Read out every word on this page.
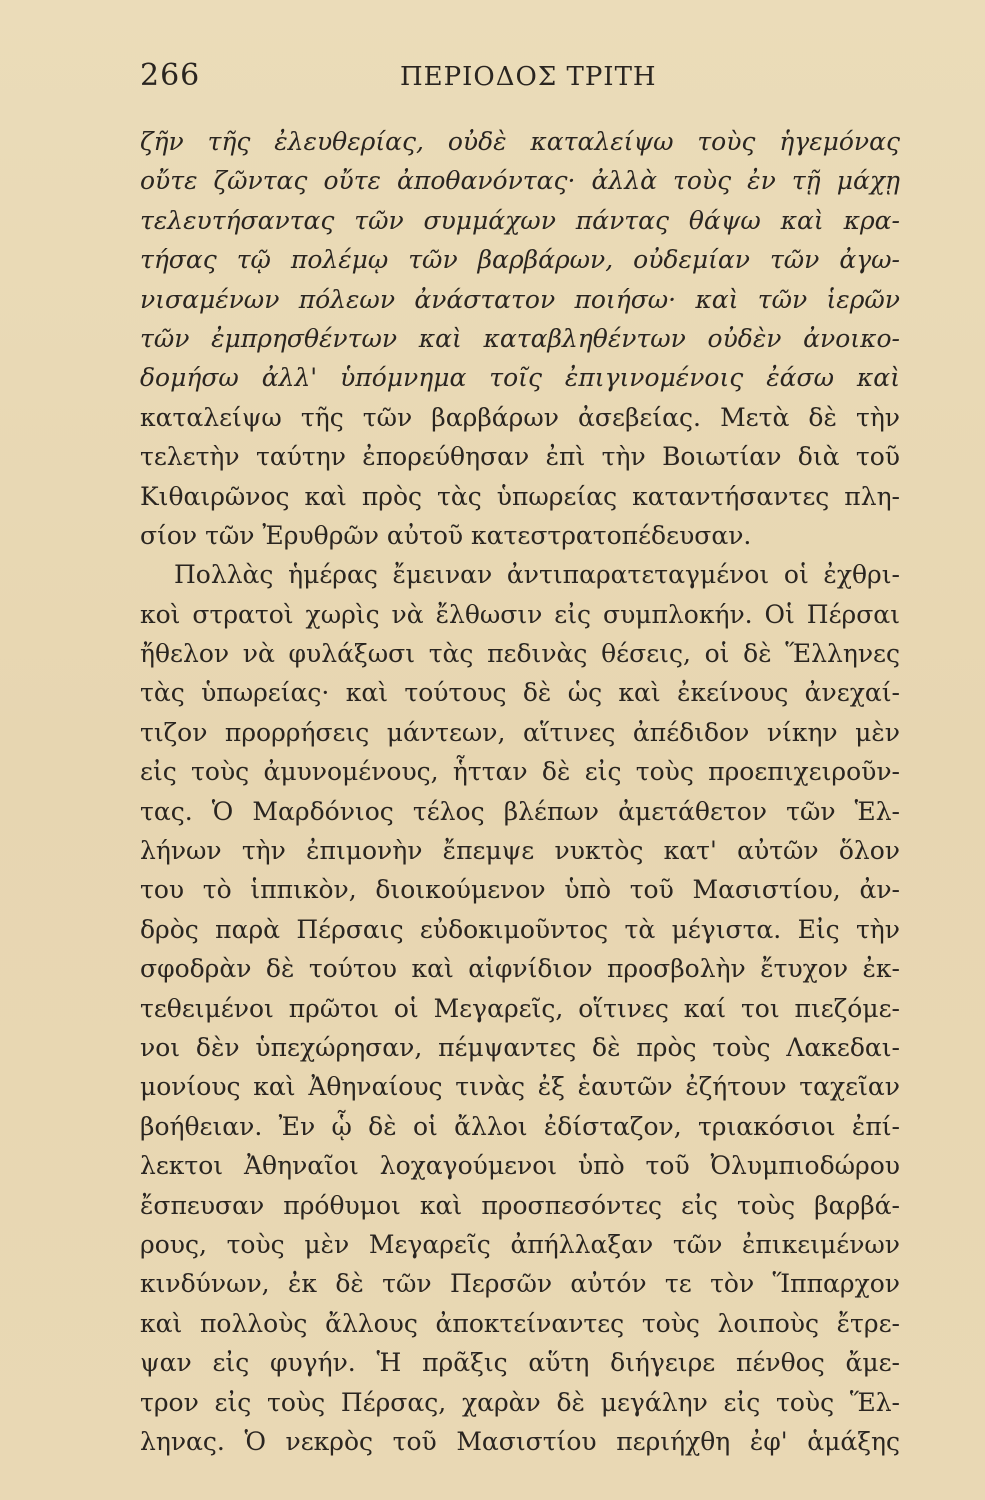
266	ΠΕΡΙΟΔΟΣ ΤΡΙΤΗ
ζῆν τῆς ἐλευθερίας, οὐδὲ καταλείψω τοὺς ἡγεμόνας
οὔτε ζῶντας οὔτε ἀποθανόντας· ἀλλὰ τοὺς ἐν τῇ μάχῃ
τελευτήσαντας τῶν συμμάχων πάντας θάψω καὶ κρα-
τήσας τῷ πολέμῳ τῶν βαρβάρων, οὐδεμίαν τῶν ἀγω-
νισαμένων πόλεων ἀνάστατον ποιήσω· καὶ τῶν ἱερῶν
τῶν ἐμπρησθέντων καὶ καταβληθέντων οὐδὲν ἀνοικο-
δομήσω ἀλλ' ὑπόμνημα τοῖς ἐπιγινομένοις ἐάσω καὶ
καταλείψω τῆς τῶν βαρβάρων ἀσεβείας. Μετὰ δὲ τὴν
τελετὴν ταύτην ἐπορεύθησαν ἐπὶ τὴν Βοιωτίαν διὰ τοῦ
Κιθαιρῶνος καὶ πρὸς τὰς ὑπωρείας καταντήσαντες πλη-
σίον τῶν Ἐρυθρῶν αὐτοῦ κατεστρατοπέδευσαν.
Πολλὰς ἡμέρας ἔμειναν ἀντιπαρατεταγμένοι οἱ ἐχθρι-
κοὶ στρατοὶ χωρὶς νὰ ἔλθωσιν εἰς συμπλοκήν. Οἱ Πέρσαι
ἤθελον νὰ φυλάξωσι τὰς πεδινὰς θέσεις, οἱ δὲ Ἕλληνες
τὰς ὑπωρείας· καὶ τούτους δὲ ὡς καὶ ἐκείνους ἀνεχαί-
τιζον προρρήσεις μάντεων, αἵτινες ἀπέδιδον νίκην μὲν
εἰς τοὺς ἀμυνομένους, ἧτταν δὲ εἰς τοὺς προεπιχειροῦν-
τας. Ὁ Μαρδόνιος τέλος βλέπων ἀμετάθετον τῶν Ἑλ-
λήνων τὴν ἐπιμονὴν ἔπεμψε νυκτὸς κατ' αὐτῶν ὅλον
του τὸ ἱππικὸν, διοικούμενον ὑπὸ τοῦ Μασιστίου, ἀν-
δρὸς παρὰ Πέρσαις εὐδοκιμοῦντος τὰ μέγιστα. Εἰς τὴν
σφοδρὰν δὲ τούτου καὶ αἰφνίδιον προσβολὴν ἔτυχον ἐκ-
τεθειμένοι πρῶτοι οἱ Μεγαρεῖς, οἵτινες καί τοι πιεζόμε-
νοι δὲν ὑπεχώρησαν, πέμψαντες δὲ πρὸς τοὺς Λακεδαι-
μονίους καὶ Ἀθηναίους τινὰς ἐξ ἑαυτῶν ἐζήτουν ταχεῖαν
βοήθειαν. Ἐν ᾧ δὲ οἱ ἄλλοι ἐδίσταζον, τριακόσιοι ἐπί-
λεκτοι Ἀθηναῖοι λοχαγούμενοι ὑπὸ τοῦ Ὀλυμπιοδώρου
ἔσπευσαν πρόθυμοι καὶ προσπεσόντες εἰς τοὺς βαρβά-
ρους, τοὺς μὲν Μεγαρεῖς ἀπήλλαξαν τῶν ἐπικειμένων
κινδύνων, ἐκ δὲ τῶν Περσῶν αὐτόν τε τὸν Ἵππαρχον
καὶ πολλοὺς ἄλλους ἀποκτείναντες τοὺς λοιποὺς ἔτρε-
ψαν εἰς φυγήν. Ἡ πρᾶξις αὕτη διήγειρε πένθος ἄμε-
τρον εἰς τοὺς Πέρσας, χαρὰν δὲ μεγάλην εἰς τοὺς Ἕλ-
ληνας. Ὁ νεκρὸς τοῦ Μασιστίου περιήχθη ἐφ' ἁμάξης
